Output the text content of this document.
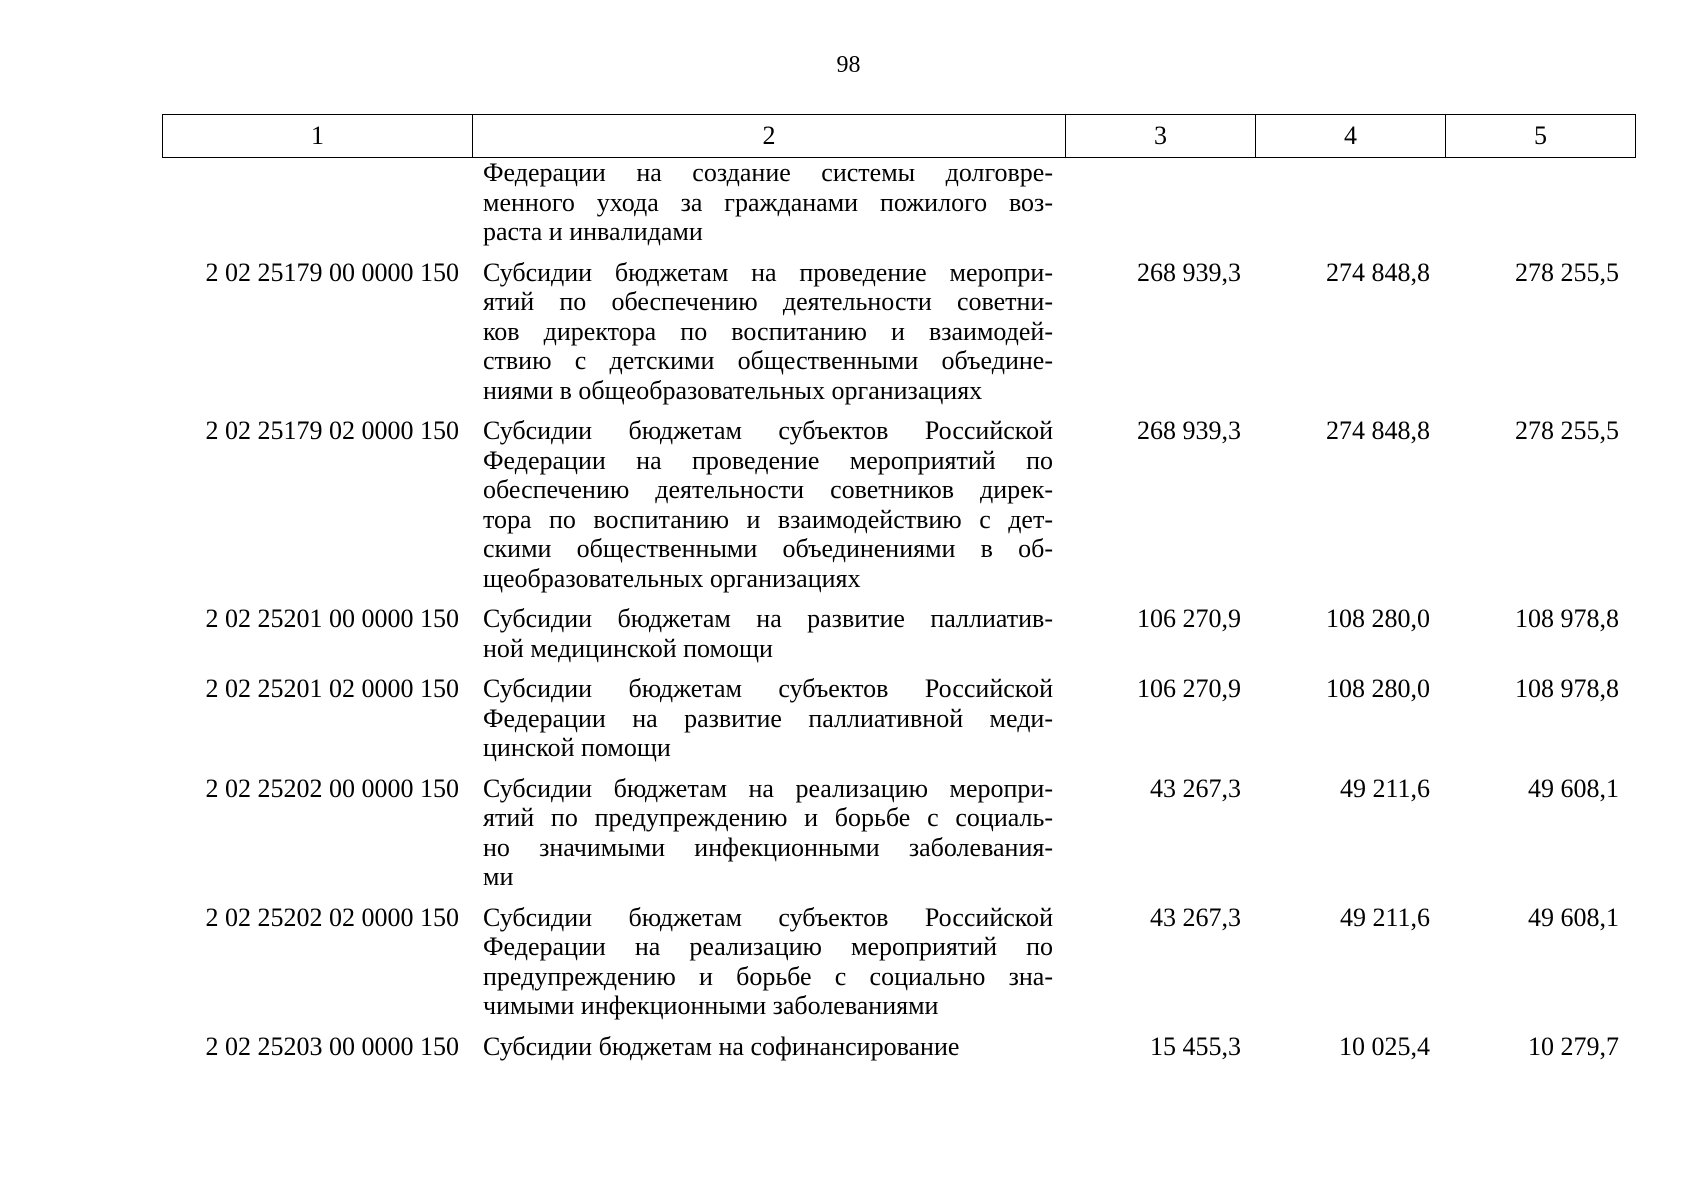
98
1	2	3	4	5
Федерации на создание системы долговре-
менного ухода за гражданами пожилого воз-
раста и инвалидами
2 02 25179 00 0000 150 Субсидии бюджетам на проведение меропри-
ятий по обеспечению деятельности советни-
ков директора по воспитанию и взаимодей-
ствию с детскими общественными объедине-
ниями в общеобразовательных организациях
268 939,3	274 848,8	278 255,5
2 02 25179 02 0000 150 Субсидии бюджетам субъектов Российской
Федерации на проведение мероприятий по
обеспечению деятельности советников дирек-
тора по воспитанию и взаимодействию с дет-
скими общественными объединениями в об-
щеобразовательных организациях
268 939,3	274 848,8	278 255,5
2 02 25201 00 0000 150 Субсидии бюджетам на развитие паллиатив-
ной медицинской помощи
106 270,9	108 280,0	108 978,8
2 02 25201 02 0000 150 Субсидии бюджетам субъектов Российской
Федерации на развитие паллиативной меди-
цинской помощи
106 270,9	108 280,0	108 978,8
2 02 25202 00 0000 150 Субсидии бюджетам на реализацию меропри-
ятий по предупреждению и борьбе с социаль-
но значимыми инфекционными заболевания-
ми
43 267,3	49 211,6	49 608,1
2 02 25202 02 0000 150 Субсидии бюджетам субъектов Российской
Федерации на реализацию мероприятий по
предупреждению и борьбе с социально зна-
чимыми инфекционными заболеваниями
43 267,3	49 211,6	49 608,1
2 02 25203 00 0000 150 Субсидии бюджетам на софинансирование	15 455,3	10 025,4	10 279,7
